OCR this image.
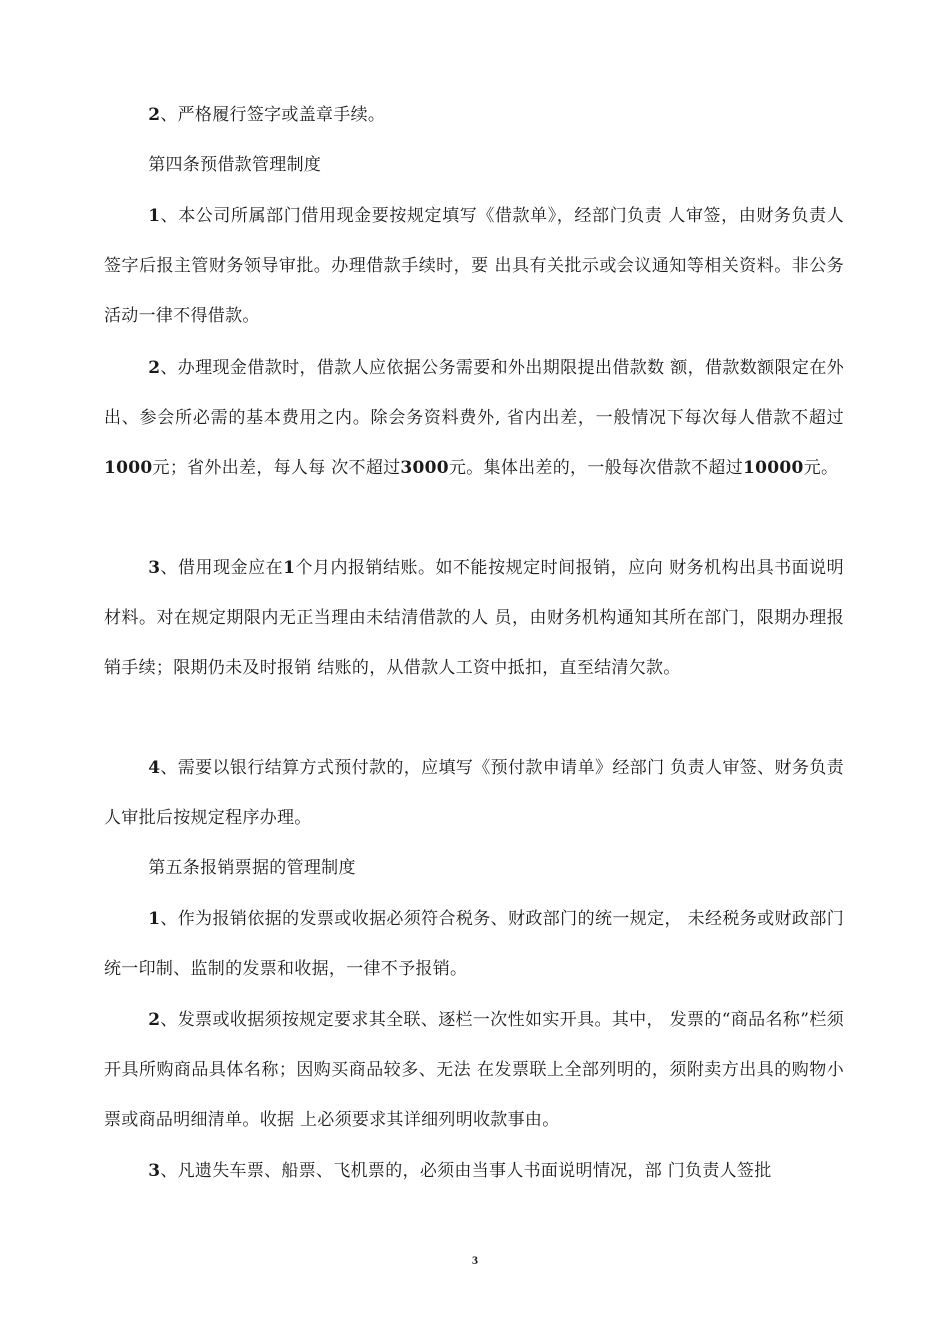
2、严格履行签字或盖章手续。

第四条预借款管理制度

1、本公司所属部门借用现金要按规定填写《借款单》，经部门负责 人审签，由财务负责人签字后报主管财务领导审批。办理借款手续时，要 出具有关批示或会议通知等相关资料。非公务活动一律不得借款。

2、办理现金借款时，借款人应依据公务需要和外出期限提出借款数 额，借款数额限定在外出、参会所必需的基本费用之内。除会务资料费外, 省内出差，一般情况下每次每人借款不超过1000元；省外出差，每人每 次不超过3000元。集体出差的，一般每次借款不超过10000元。

3、借用现金应在1个月内报销结账。如不能按规定时间报销，应向 财务机构出具书面说明材料。对在规定期限内无正当理由未结清借款的人 员，由财务机构通知其所在部门，限期办理报销手续；限期仍未及时报销 结账的，从借款人工资中抵扣，直至结清欠款。

4、需要以银行结算方式预付款的，应填写《预付款申请单》经部门 负责人审签、财务负责人审批后按规定程序办理。

第五条报销票据的管理制度

1、作为报销依据的发票或收据必须符合税务、财政部门的统一规定， 未经税务或财政部门统一印制、监制的发票和收据，一律不予报销。

2、发票或收据须按规定要求其全联、逐栏一次性如实开具。其中， 发票的“商品名称”栏须开具所购商品具体名称；因购买商品较多、无法 在发票联上全部列明的，须附卖方出具的购物小票或商品明细清单。收据 上必须要求其详细列明收款事由。

3、凡遗失车票、船票、飞机票的，必须由当事人书面说明情况，部 门负责人签批

3
